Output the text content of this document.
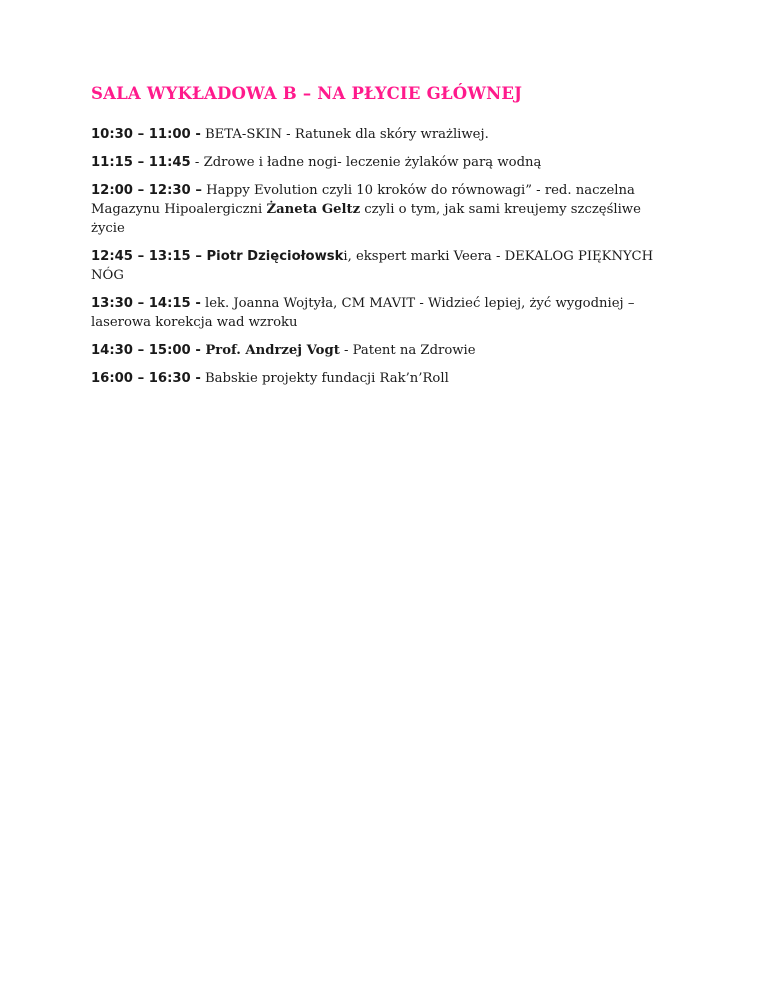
SALA WYKŁADOWA B – NA PŁYCIE GŁÓWNEJ

10:30 – 11:00 - BETA-SKIN - Ratunek dla skóry wrażliwej.

11:15 – 11:45 - Zdrowe i ładne nogi- leczenie żylaków parą wodną

12:00 – 12:30 – Happy Evolution czyli 10 kroków do równowagi” - red. naczelna
Magazynu Hipoalergiczni Żaneta Geltz czyli o tym, jak sami kreujemy szczęśliwe
życie

12:45 – 13:15 – Piotr Dzięciołowski, ekspert marki Veera - DEKALOG PIĘKNYCH
NÓG

13:30 – 14:15 - lek. Joanna Wojtyła, CM MAVIT - Widzieć lepiej, żyć wygodniej –
laserowa korekcja wad wzroku

14:30 – 15:00 - Prof. Andrzej Vogt - Patent na Zdrowie

16:00 – 16:30 - Babskie projekty fundacji Rak’n’Roll
